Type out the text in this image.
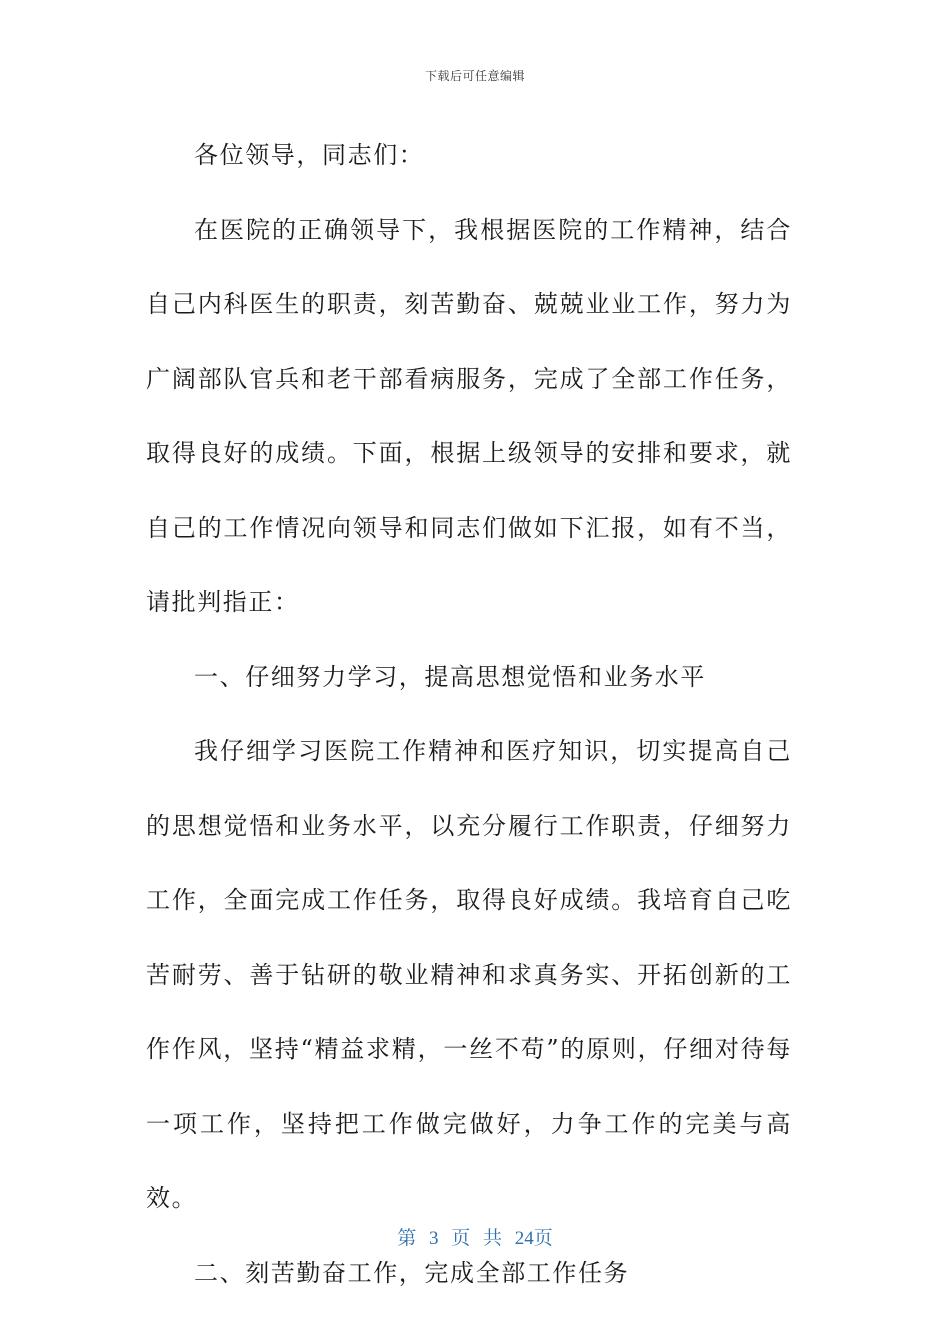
下载后可任意编辑

各位领导，同志们：

在医院的正确领导下，我根据医院的工作精神，结合自己内科医生的职责，刻苦勤奋、兢兢业业工作，努力为广阔部队官兵和老干部看病服务，完成了全部工作任务，取得良好的成绩。下面，根据上级领导的安排和要求，就自己的工作情况向领导和同志们做如下汇报，如有不当，请批判指正：

一、仔细努力学习，提高思想觉悟和业务水平

我仔细学习医院工作精神和医疗知识，切实提高自己的思想觉悟和业务水平，以充分履行工作职责，仔细努力工作，全面完成工作任务，取得良好成绩。我培育自己吃苦耐劳、善于钻研的敬业精神和求真务实、开拓创新的工作作风，坚持“精益求精，一丝不苟”的原则，仔细对待每一项工作，坚持把工作做完做好，力争工作的完美与高效。

二、刻苦勤奋工作，完成全部工作任务

第 3 页 共 24页
